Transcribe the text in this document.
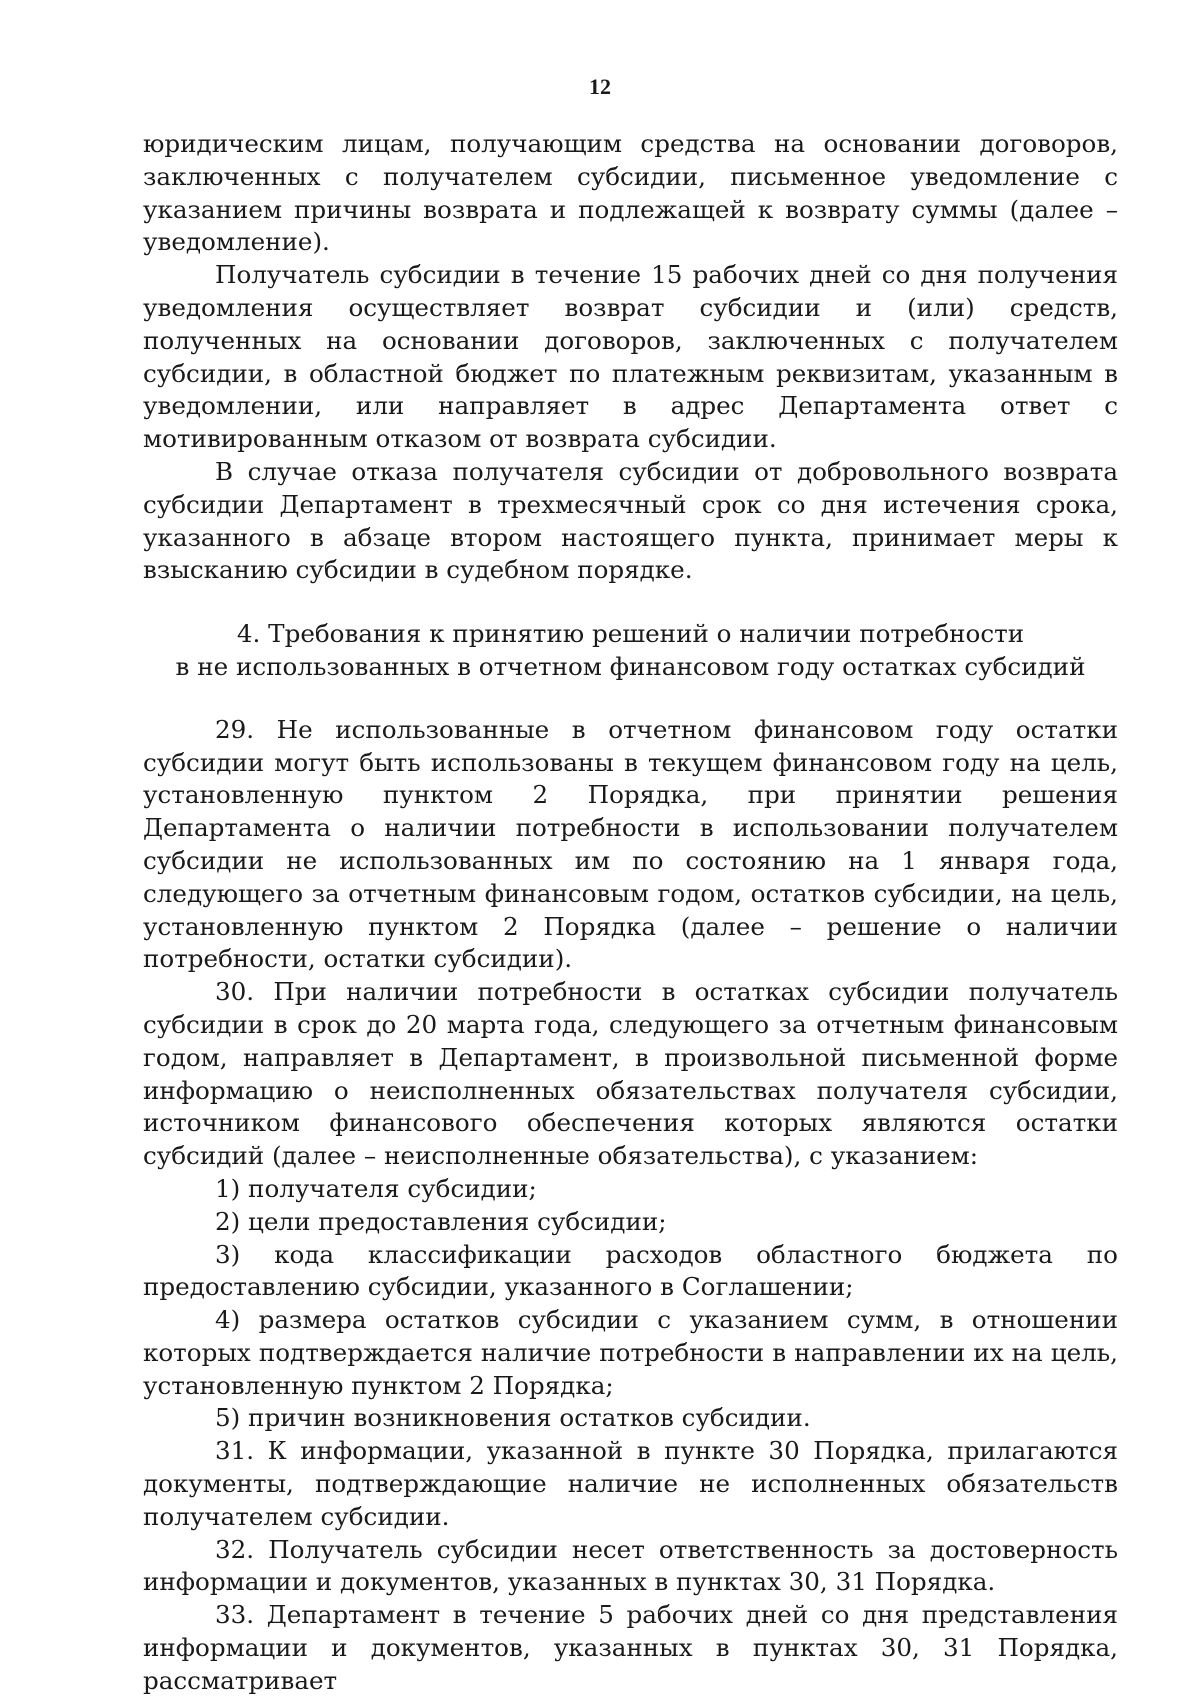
12

юридическим лицам, получающим средства на основании договоров, заключенных с получателем субсидии, письменное уведомление с указанием причины возврата и подлежащей к возврату суммы (далее – уведомление).

Получатель субсидии в течение 15 рабочих дней со дня получения уведомления осуществляет возврат субсидии и (или) средств, полученных на основании договоров, заключенных с получателем субсидии, в областной бюджет по платежным реквизитам, указанным в уведомлении, или направляет в адрес Департамента ответ с мотивированным отказом от возврата субсидии.

В случае отказа получателя субсидии от добровольного возврата субсидии Департамент в трехмесячный срок со дня истечения срока, указанного в абзаце втором настоящего пункта, принимает меры к взысканию субсидии в судебном порядке.

4. Требования к принятию решений о наличии потребности
в не использованных в отчетном финансовом году остатках субсидий

29. Не использованные в отчетном финансовом году остатки субсидии могут быть использованы в текущем финансовом году на цель, установленную пунктом 2 Порядка, при принятии решения Департамента о наличии потребности в использовании получателем субсидии не использованных им по состоянию на 1 января года, следующего за отчетным финансовым годом, остатков субсидии, на цель, установленную пунктом 2 Порядка (далее – решение о наличии потребности, остатки субсидии).

30. При наличии потребности в остатках субсидии получатель субсидии в срок до 20 марта года, следующего за отчетным финансовым годом, направляет в Департамент, в произвольной письменной форме информацию о неисполненных обязательствах получателя субсидии, источником финансового обеспечения которых являются остатки субсидий (далее – неисполненные обязательства), с указанием:

1) получателя субсидии;

2) цели предоставления субсидии;

3) кода классификации расходов областного бюджета по предоставлению субсидии, указанного в Соглашении;

4) размера остатков субсидии с указанием сумм, в отношении которых подтверждается наличие потребности в направлении их на цель, установленную пунктом 2 Порядка;

5) причин возникновения остатков субсидии.

31. К информации, указанной в пункте 30 Порядка, прилагаются документы, подтверждающие наличие не исполненных обязательств получателем субсидии.

32. Получатель субсидии несет ответственность за достоверность информации и документов, указанных в пунктах 30, 31 Порядка.

33. Департамент в течение 5 рабочих дней со дня представления информации и документов, указанных в пунктах 30, 31 Порядка, рассматривает
